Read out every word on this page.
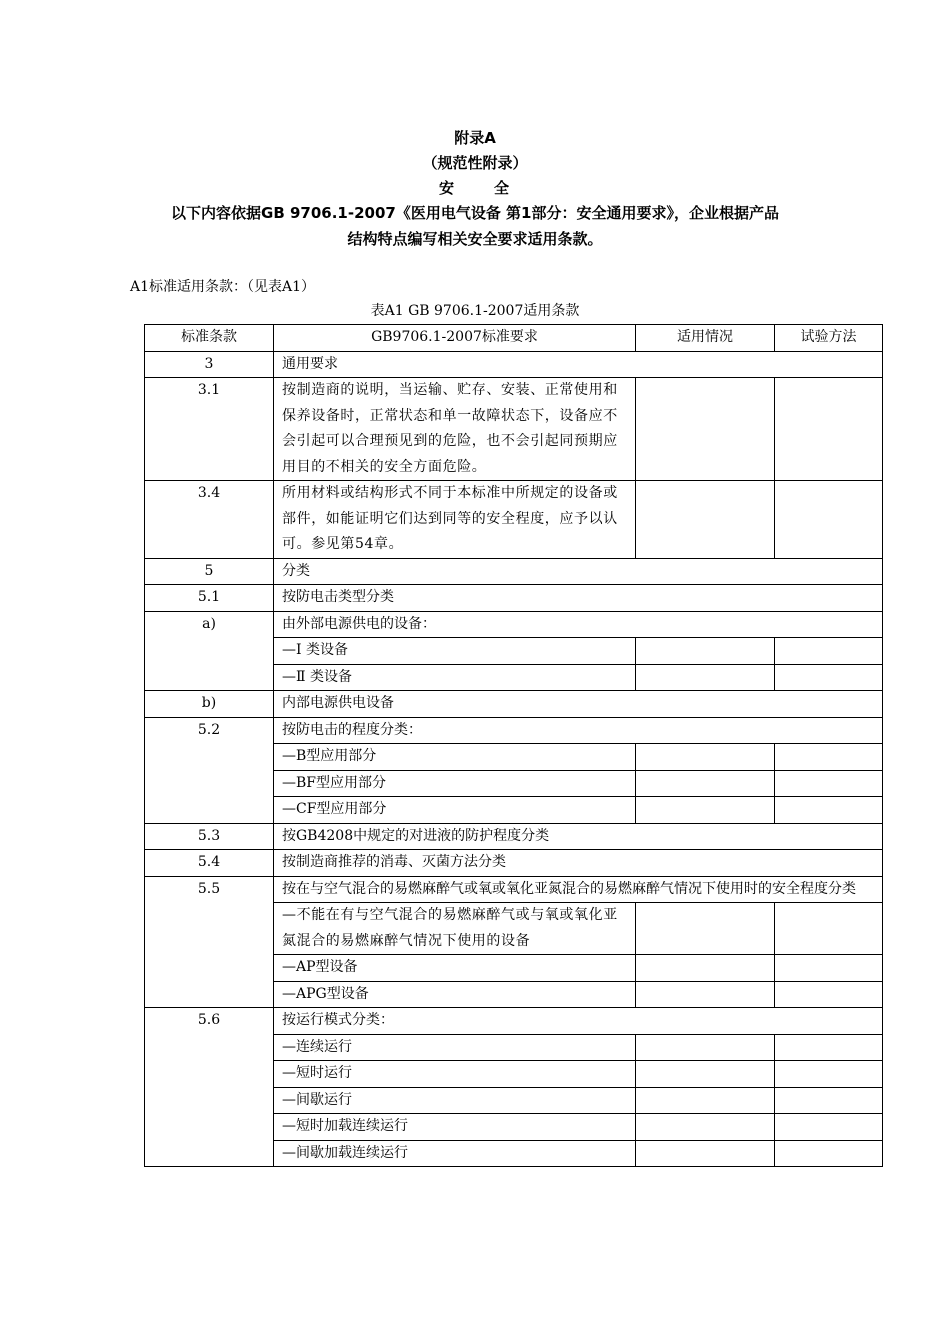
附录A
（规范性附录）
安	全
以下内容依据GB 9706.1-2007《医用电气设备 第1部分：安全通用要求》，企业根据产品
结构特点编写相关安全要求适用条款。
A1标准适用条款：（见表A1）
表A1 GB 9706.1-2007适用条款
标准条款	GB9706.1-2007标准要求	适用情况	试验方法
3	通用要求		
3.1	按制造商的说明，当运输、贮存、安装、正常使用和保养设备时，正常状态和单一故障状态下，设备应不会引起可以合理预见到的危险，也不会引起同预期应用目的不相关的安全方面危险。		
3.4	所用材料或结构形式不同于本标准中所规定的设备或部件，如能证明它们达到同等的安全程度，应予以认可。参见第54章。		
5	分类		
5.1	按防电击类型分类		
a)	由外部电源供电的设备：		
	—Ⅰ 类设备		
	—Ⅱ 类设备		
b)	内部电源供电设备		
5.2	按防电击的程度分类：		
	—B型应用部分		
	—BF型应用部分		
	—CF型应用部分		
5.3	按GB4208中规定的对进液的防护程度分类		
5.4	按制造商推荐的消毒、灭菌方法分类		
5.5	按在与空气混合的易燃麻醉气或氧或氧化亚氮混合的易燃麻醉气情况下使用时的安全程度分类		
	—不能在有与空气混合的易燃麻醉气或与氧或氧化亚氮混合的易燃麻醉气情况下使用的设备		
	—AP型设备		
	—APG型设备		
5.6	按运行模式分类：		
	—连续运行		
	—短时运行		
	—间歇运行		
	—短时加载连续运行		
	—间歇加载连续运行		
